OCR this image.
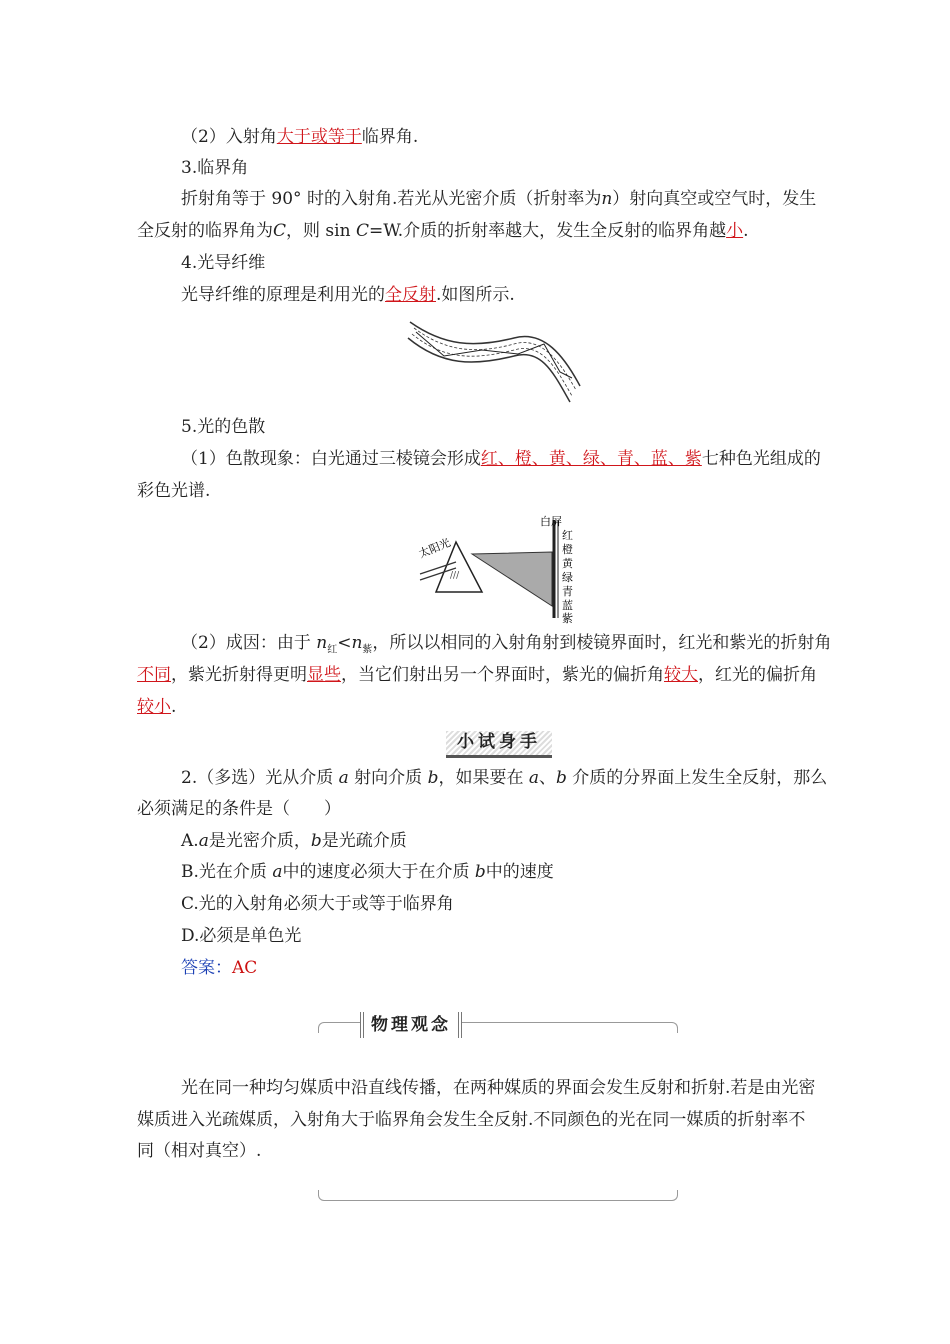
（2）入射角大于或等于临界角.
3.临界角
折射角等于 90° 时的入射角.若光从光密介质（折射率为n）射向真空或空气时，发生
全反射的临界角为C，则 sin C=W.介质的折射率越大，发生全反射的临界角越小.
4.光导纤维
光导纤维的原理是利用光的全反射.如图所示.
5.光的色散
（1）色散现象：白光通过三棱镜会形成红、橙、黄、绿、青、蓝、紫七种色光组成的
彩色光谱.
///
太阳光
白屏
红
橙
黄
绿
青
蓝
紫
（2）成因：由于 $n_红<n_紫$，所以以相同的入射角射到棱镜界面时，红光和紫光的折射角
不同，紫光折射得更明显些，当它们射出另一个界面时，紫光的偏折角较大，红光的偏折角
较小.
小试身手
2.（多选）光从介质 a 射向介质 b，如果要在 a、b 介质的分界面上发生全反射，那么
必须满足的条件是（　　）
A.a是光密介质，b是光疏介质
B.光在介质 a中的速度必须大于在介质 b中的速度
C.光的入射角必须大于或等于临界角
D.必须是单色光
答案：AC
物理观念
光在同一种均匀媒质中沿直线传播，在两种媒质的界面会发生反射和折射.若是由光密
媒质进入光疏媒质，入射角大于临界角会发生全反射.不同颜色的光在同一媒质的折射率不
同（相对真空）.
